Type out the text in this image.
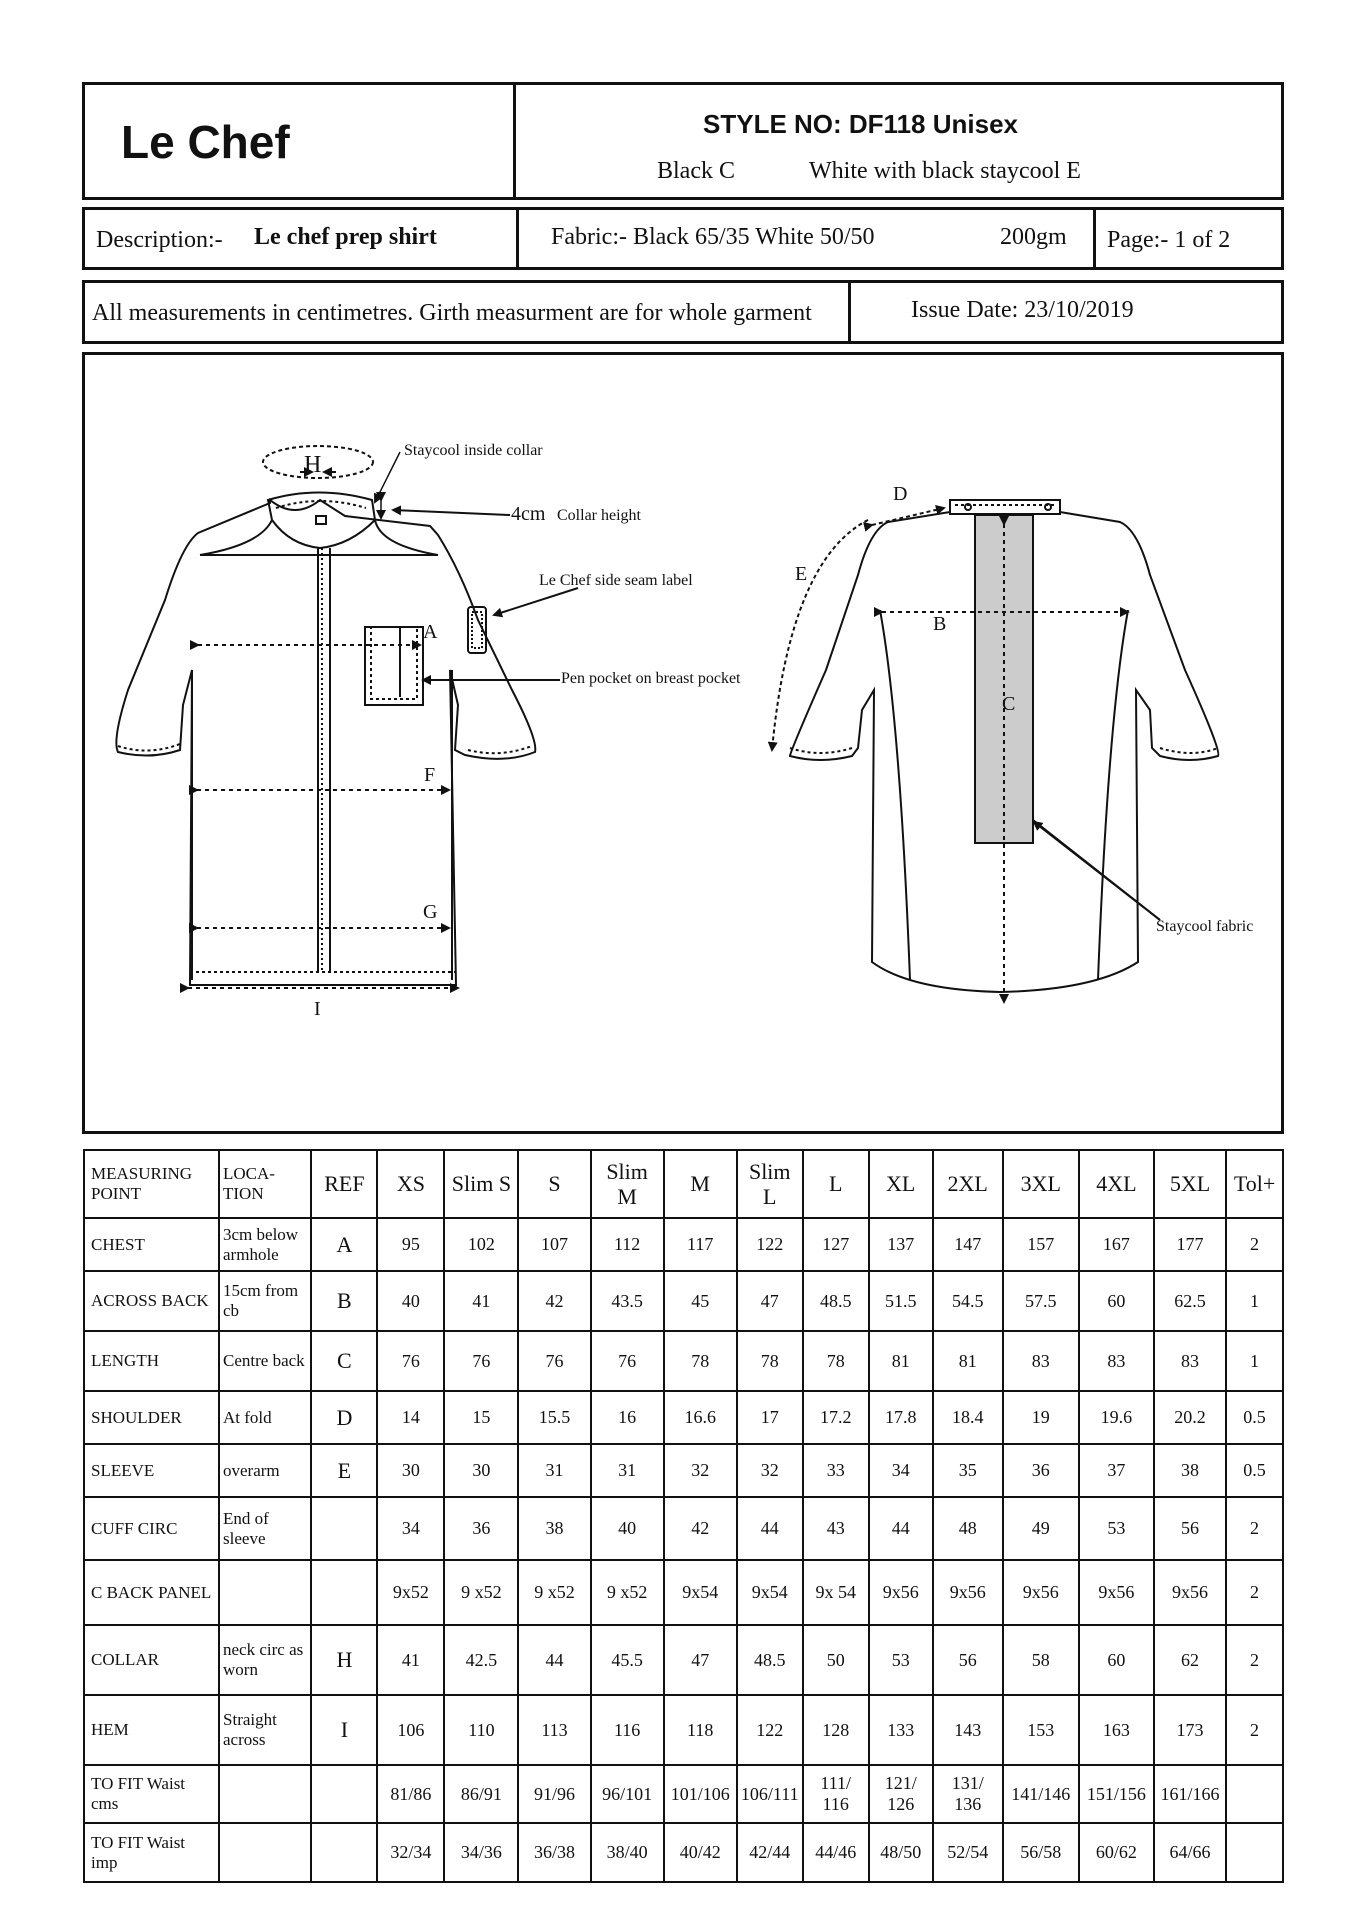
Le Chef	STYLE NO: DF118 Unisex
Black C	White with black staycool E
Description:- Le chef prep shirt	Fabric:- Black 65/35 White 50/50	200gm Page:- 1 of 2
All measurements in centimetres. Girth measurment are for whole garment	Issue Date: 23/10/2019
H
Staycool inside collar
4cm Collar height
Le Chef side seam label
A
Pen pocket on breast pocket
F
G
I
D
E
B
C
Staycool fabric
MEASURING POINT	LOCA-TION	REF	XS	Slim S	S	Slim M	M	Slim L	L	XL	2XL	3XL	4XL	5XL	Tol+
CHEST	3cm below armhole	A	95	102	107	112	117	122	127	137	147	157	167	177	2
ACROSS BACK	15cm from cb	B	40	41	42	43.5	45	47	48.5	51.5	54.5	57.5	60	62.5	1
LENGTH	Centre back	C	76	76	76	76	78	78	78	81	81	83	83	83	1
SHOULDER	At fold	D	14	15	15.5	16	16.6	17	17.2	17.8	18.4	19	19.6	20.2	0.5
SLEEVE	overarm	E	30	30	31	31	32	32	33	34	35	36	37	38	0.5
CUFF CIRC	End of sleeve		34	36	38	40	42	44	43	44	48	49	53	56	2
C BACK PANEL			9x52	9 x52	9 x52	9 x52	9x54	9x54	9x 54	9x56	9x56	9x56	9x56	9x56	2
COLLAR	neck circ as worn	H	41	42.5	44	45.5	47	48.5	50	53	56	58	60	62	2
HEM	Straight across	I	106	110	113	116	118	122	128	133	143	153	163	173	2
TO FIT Waist cms			81/86	86/91	91/96	96/101	101/106	106/111	111/ 116	121/ 126	131/ 136	141/146	151/156	161/166	
TO FIT Waist imp			32/34	34/36	36/38	38/40	40/42	42/44	44/46	48/50	52/54	56/58	60/62	64/66	
